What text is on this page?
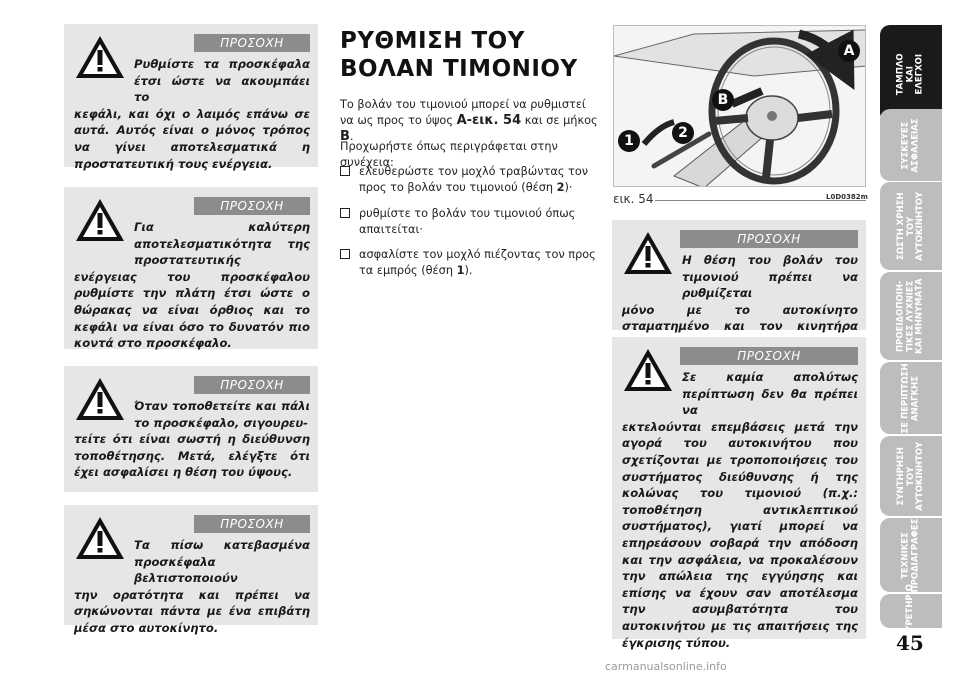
ΠΡΟΣΟΧΗ
Ρυθμίστε τα προσκέφαλα έτσι ώστε να ακουμπάει το
κεφάλι, και όχι ο λαιμός επάνω σε αυτά. Αυτός είναι ο μόνος τρόπος να γίνει αποτελεσματικά η προστατευτική τους ενέργεια.
ΠΡΟΣΟΧΗ
Για καλύτερη αποτελεσματικότητα της προστατευτικής
ενέργειας του προσκέφαλου ρυθμίστε την πλάτη έτσι ώστε ο θώρακας να είναι όρθιος και το κεφάλι να είναι όσο το δυνατόν πιο κοντά στο προσκέφαλο.
ΠΡΟΣΟΧΗ
Όταν τοποθετείτε και πάλι το προσκέφαλο, σιγουρευ-
τείτε ότι είναι σωστή η διεύθυνση τοποθέτησης. Μετά, ελέγξτε ότι έχει ασφαλίσει η θέση του ύψους.
ΠΡΟΣΟΧΗ
Τα πίσω κατεβασμένα προσκέφαλα βελτιστοποιούν
την ορατότητα και πρέπει να σηκώνονται πάντα με ένα επιβάτη μέσα στο αυτοκίνητο.
ΡΥΘΜΙΣΗ ΤΟΥ
ΒΟΛΑΝ ΤΙΜΟΝΙΟΥ
Το βολάν του τιμονιού μπορεί να ρυθμιστεί να ως προς το ύψος A-εικ. 54 και σε μήκος B.
Προχωρήστε όπως περιγράφεται στην συνέχεια:
ελευθερώστε τον μοχλό τραβώντας τον προς το βολάν του τιμονιού (θέση 2)·
ρυθμίστε το βολάν του τιμονιού όπως απαιτείται·
ασφαλίστε τον μοχλό πιέζοντας τον προς τα εμπρός (θέση 1).
A
B
1	2
εικ. 54	L0D0382m
ΠΡΟΣΟΧΗ
Η θέση του βολάν του τιμονιού πρέπει να ρυθμίζεται
μόνο με το αυτοκίνητο σταματημένο και τον κινητήρα
ΠΡΟΣΟΧΗ
Σε καμία απολύτως περίπτωση δεν θα πρέπει να
εκτελούνται επεμβάσεις μετά την αγορά του αυτοκινήτου που σχετίζονται με τροποποιήσεις του συστήματος διεύθυνσης ή της κολώνας του τιμονιού (π.χ.: τοποθέτηση αντικλεπτικού συστήματος), γιατί μπορεί να επηρεάσουν σοβαρά την απόδοση και την ασφάλεια, να προκαλέσουν την απώλεια της εγγύησης και επίσης να έχουν σαν αποτέλεσμα την ασυμβατότητα του αυτοκινήτου με τις απαιτήσεις της έγκρισης τύπου.
ΤΑΜΠΛΟ
ΚΑΙ
ΕΛΕΓΧΟΙ
ΣΥΣΚΕΥΕΣ
ΑΣΦΑΛΕΙΑΣ
ΣΩΣΤΗ ΧΡΗΣΗ
ΤΟΥ
ΑΥΤΟΚΙΝΗΤΟΥ
ΠΡΟΕΙΔΟΠΟΙΗ-
ΤΙΚΕΣ ΛΥΧΝΙΕΣ
ΚΑΙ ΜΗΝΥΜΑΤΑ
ΣΕ ΠΕΡΙΠΤΩΣΗ
ΑΝΑΓΚΗΣ
ΣΥΝΤΗΡΗΣΗ
ΤΟΥ
ΑΥΤΟΚΙΝΗΤΟΥ
ΤΕΧΝΙΚΕΣ
ΠΡΟΔΙΑΓΡΑΦΕΣ
ΕΥΡΕΤΗΡΙΟ
45
carmanualsonline.info
